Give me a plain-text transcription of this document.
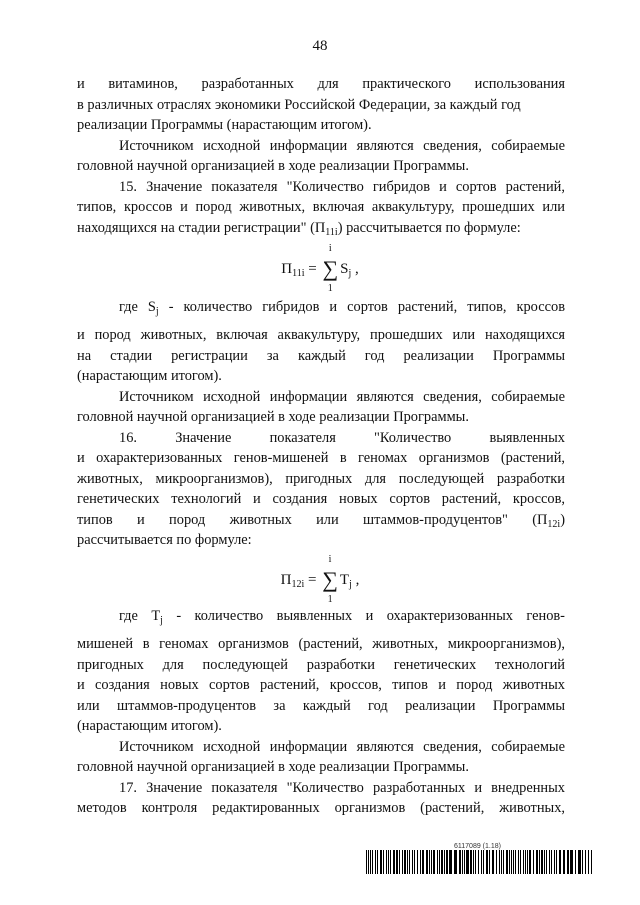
48
и витаминов, разработанных для практического использования
в различных отраслях экономики Российской Федерации, за каждый год
реализации Программы (нарастающим итогом).
Источником исходной информации являются сведения, собираемые
головной научной организацией в ходе реализации Программы.
15. Значение показателя "Количество гибридов и сортов растений,
типов, кроссов и пород животных, включая аквакультуру, прошедших или
находящихся на стадии регистрации" $(П_{11i})$ рассчитывается по формуле:
$П_{11i}$ = ∑
i
1
$S_j$ ,
где $S_j$ - количество гибридов и сортов растений, типов, кроссов
и пород животных, включая аквакультуру, прошедших или находящихся
на стадии регистрации за каждый год реализации Программы
(нарастающим итогом).
Источником исходной информации являются сведения, собираемые
головной научной организацией в ходе реализации Программы.
16. Значение показателя "Количество выявленных
и охарактеризованных генов-мишеней в геномах организмов (растений,
животных, микроорганизмов), пригодных для последующей разработки
генетических технологий и создания новых сортов растений, кроссов,
типов и пород животных или штаммов-продуцентов" $(П_{12i})$
рассчитывается по формуле:
$П_{12i}$ = ∑
i
1
$T_j$ ,
где $T_j$ - количество выявленных и охарактеризованных генов-
мишеней в геномах организмов (растений, животных, микроорганизмов),
пригодных для последующей разработки генетических технологий
и создания новых сортов растений, кроссов, типов и пород животных
или штаммов-продуцентов за каждый год реализации Программы
(нарастающим итогом).
Источником исходной информации являются сведения, собираемые
головной научной организацией в ходе реализации Программы.
17. Значение показателя "Количество разработанных и внедренных
методов контроля редактированных организмов (растений, животных,
6117089 (1.18)
